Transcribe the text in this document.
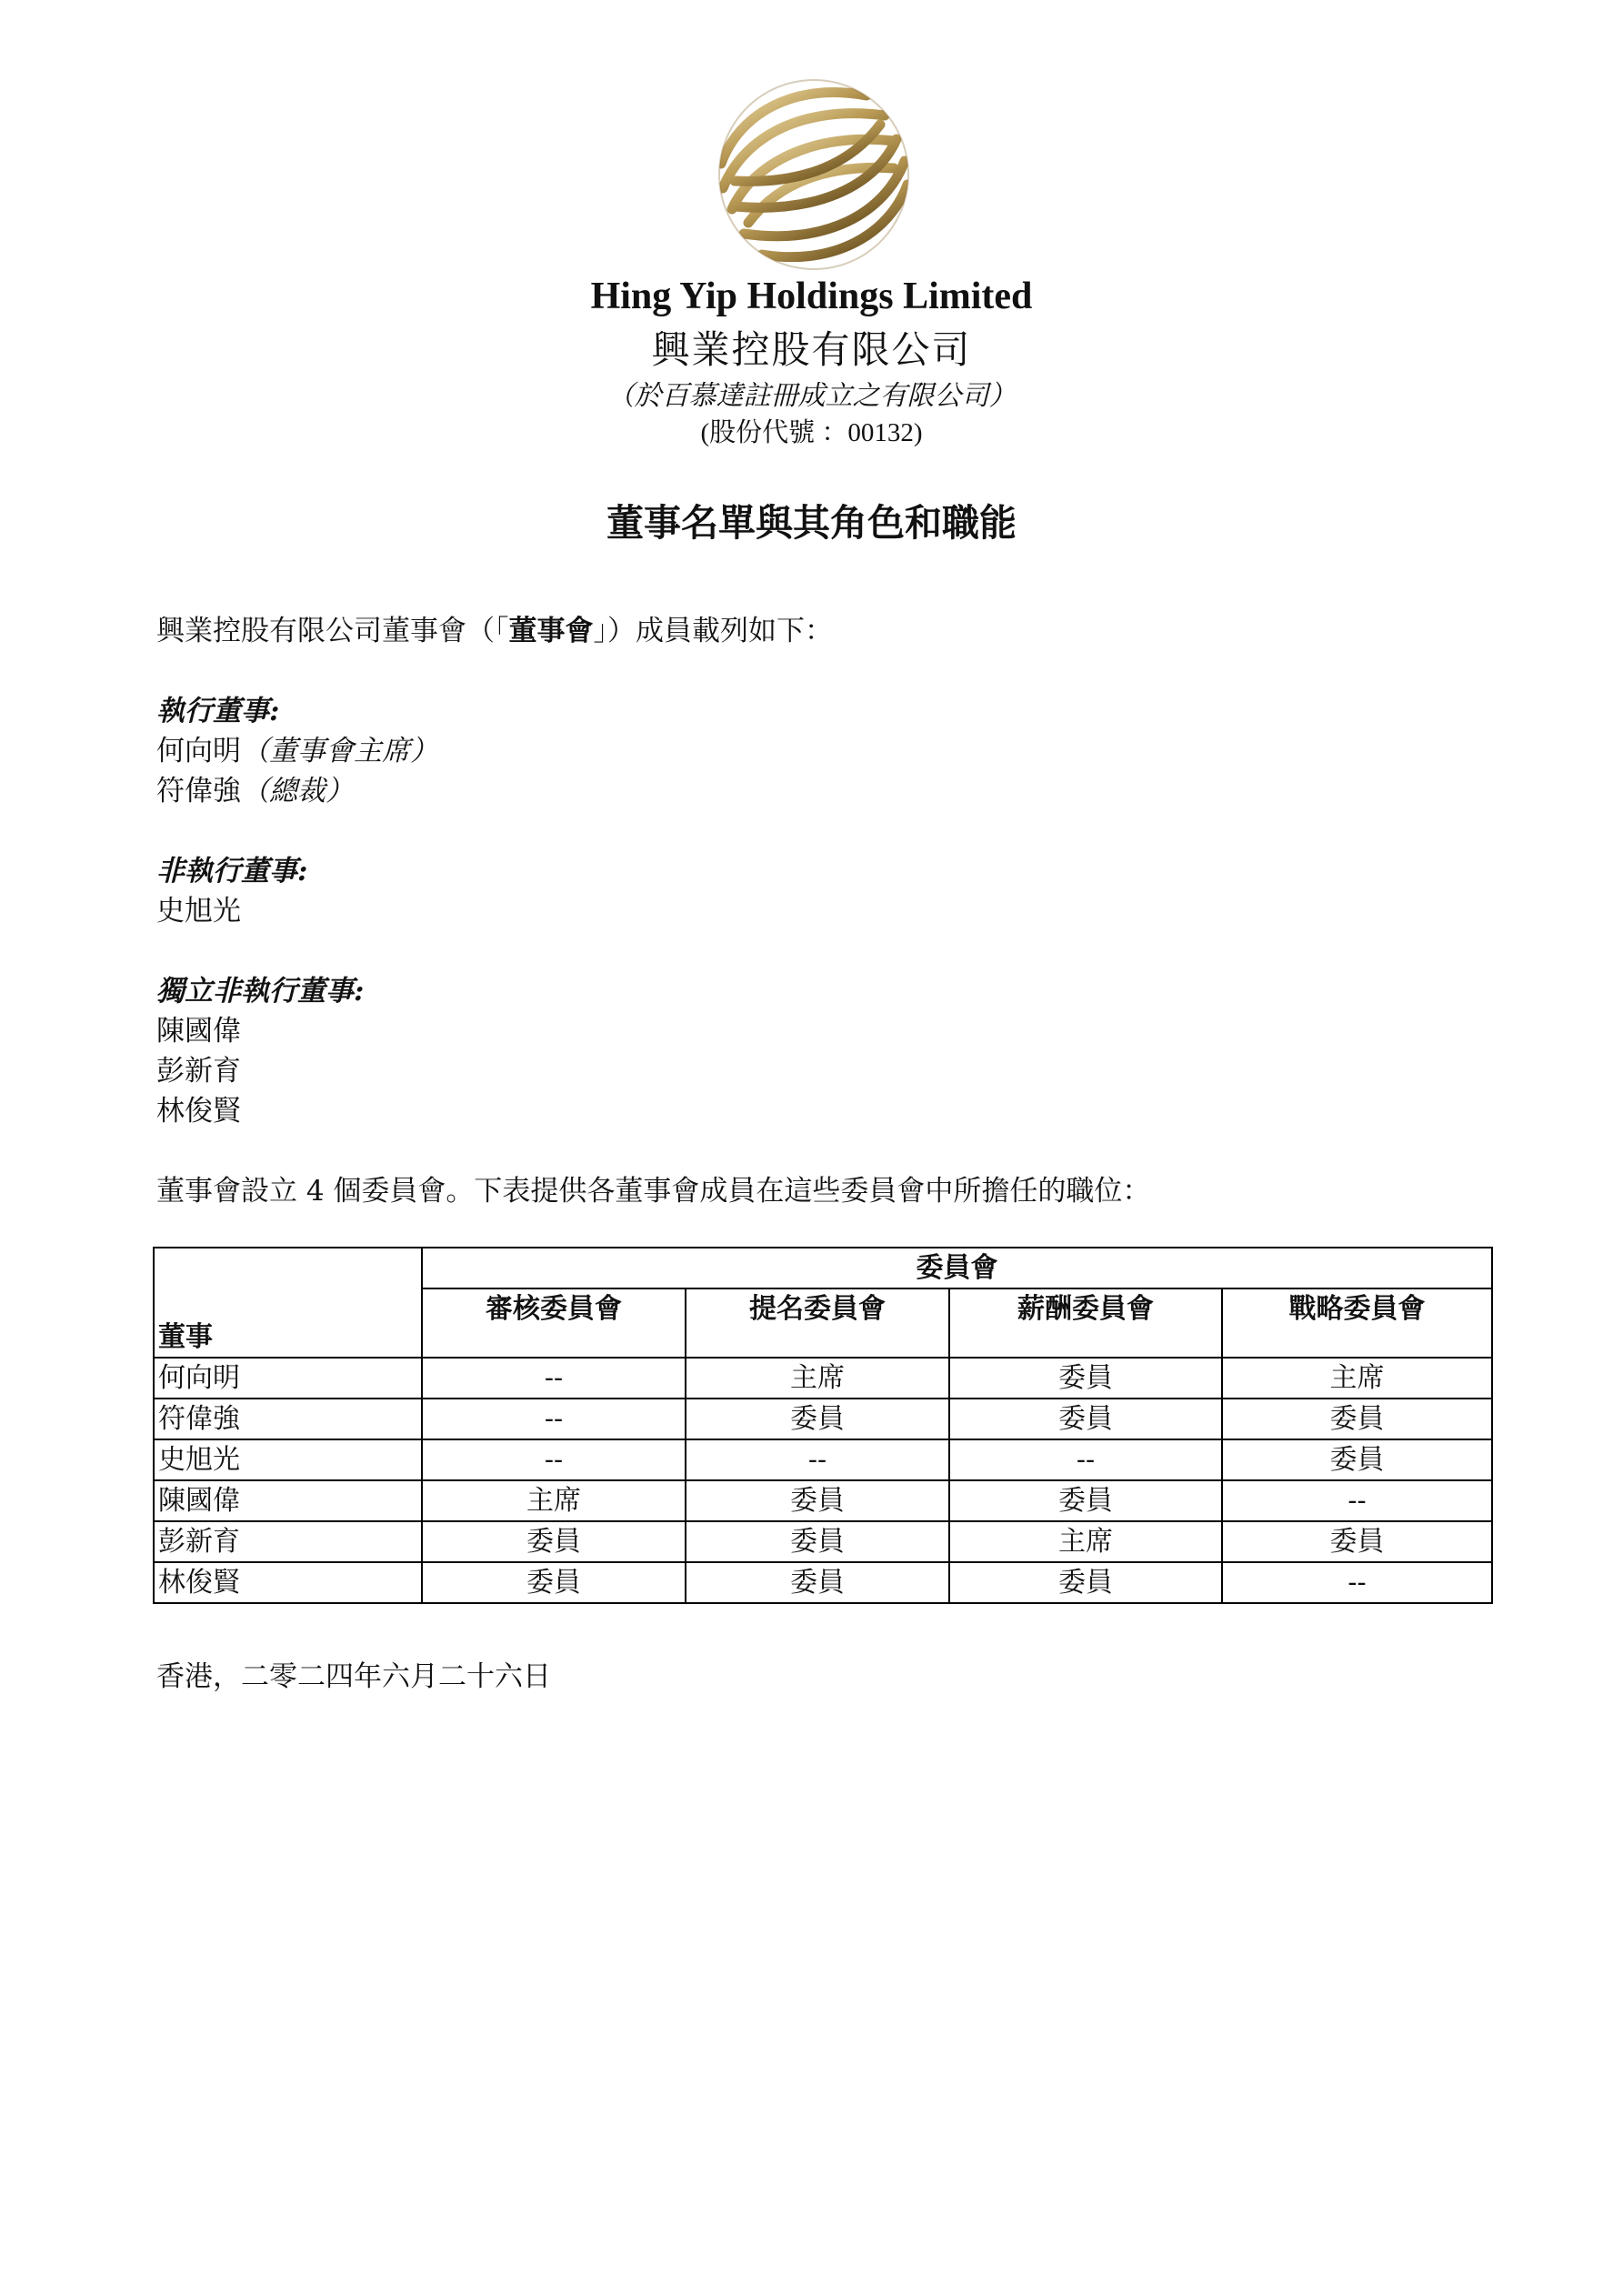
Hing Yip Holdings Limited
興業控股有限公司
（於百慕達註冊成立之有限公司）
(股份代號 ：00132)
董事名單與其角色和職能
興業控股有限公司董事會（「董事會」）成員載列如下：
執行董事:
何向明（董事會主席）
符偉強（總裁）
非執行董事:
史旭光
獨立非執行董事:
陳國偉
彭新育
林俊賢
董事會設立 4 個委員會。下表提供各董事會成員在這些委員會中所擔任的職位：
董事	委員會			
	審核委員會	提名委員會	薪酬委員會	戰略委員會
何向明	--	主席	委員	主席
符偉強	--	委員	委員	委員
史旭光	--	--	--	委員
陳國偉	主席	委員	委員	--
彭新育	委員	委員	主席	委員
林俊賢	委員	委員	委員	--
香港，二零二四年六月二十六日
